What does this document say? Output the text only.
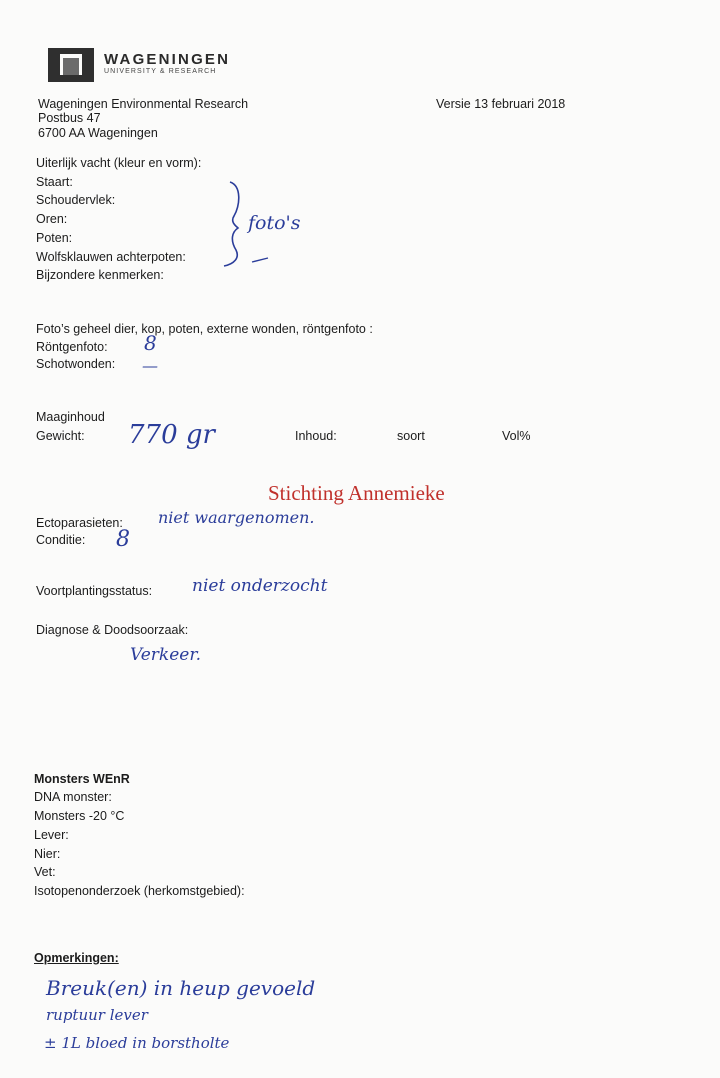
WAGENINGEN
UNIVERSITY & RESEARCH
Wageningen Environmental Research
Postbus 47
6700 AA Wageningen
Versie 13 februari 2018
Uiterlijk vacht (kleur en vorm):
Staart:
Schoudervlek:
Oren:
Poten:
Wolfsklauwen achterpoten:
Bijzondere kenmerken:
foto's
Foto’s geheel dier, kop, poten, externe wonden, röntgenfoto :
Röntgenfoto: 8
Schotwonden: —
Maaginhoud
Gewicht: 770 gr	Inhoud:	soort	Vol%
Stichting Annemieke
Ectoparasieten: niet waargenomen.
Conditie: 8
Voortplantingsstatus: niet onderzocht
Diagnose & Doodsoorzaak:
Verkeer.
Monsters WEnR
DNA monster:
Monsters -20 °C
Lever:
Nier:
Vet:
Isotopenonderzoek (herkomstgebied):
Opmerkingen:
Breuk(en) in heup gevoeld
ruptuur lever
± 1L bloed in borstholte
